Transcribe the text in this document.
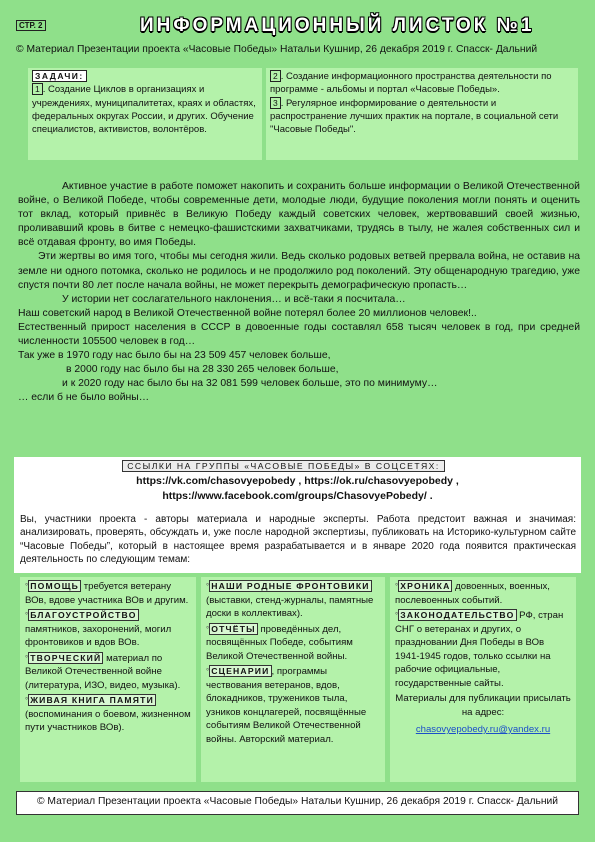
СТР. 2	ИНФОРМАЦИОННЫЙ ЛИСТОК №1
© Материал Презентации проекта «Часовые Победы» Натальи Кушнир, 26 декабря 2019 г. Спасск- Дальний
ЗАДАЧИ:
1 . Создание Циклов в организациях и учреждениях, муниципалитетах, краях и областях, федеральных округах России, и других. Обучение специалистов, активистов, волонтёров.
2 . Создание информационного пространства деятельности по программе - альбомы и портал «Часовые Победы».
3 . Регулярное информирование о деятельности и распространение лучших практик на портале, в социальной сети "Часовые Победы".

Активное участие в работе поможет накопить и сохранить больше информации о Великой Отечественной войне, о Великой Победе, чтобы современные дети, молодые люди, будущие поколения могли понять и оценить тот вклад, который привнёс в Великую Победу каждый советских человек, жертвовавший своей жизнью, проливавший кровь в битве с немецко-фашистскими захватчиками, трудясь в тылу, не жалея собственных сил и всё отдавая фронту, во имя Победы.

Эти жертвы во имя того, чтобы мы сегодня жили. Ведь сколько родовых ветвей прервала война, не оставив на земле ни одного потомка, сколько не родилось и не продолжило род поколений. Эту общенародную трагедию, уже спустя почти 80 лет после начала войны, не может перекрыть демографическую пропасть…

У истории нет сослагательного наклонения… и всё-таки я посчитала…

Наш советский народ в Великой Отечественной войне потерял более 20 миллионов человек!..

Естественный прирост населения в СССР в довоенные годы составлял 658 тысяч человек в год, при средней численности 105500 человек в год…

Так уже в 1970 году нас было бы на 23 509 457 человек больше,

в 2000 году нас было бы на 28 330 265 человек больше,

и к 2020 году нас было бы на 32 081 599 человек больше, это по минимуму…

… если б не было войны…

ССЫЛКИ НА ГРУППЫ «ЧАСОВЫЕ ПОБЕДЫ» В СОЦСЕТЯХ:
https://vk.com/chasovyepobedy , https://ok.ru/chasovyepobedy ,
https://www.facebook.com/groups/ChasovyePobedy/ .
Вы, участники проекта - авторы материала и народные эксперты. Работа предстоит важная и значимая: анализировать, проверять, обсуждать и, уже после народной экспертизы, публиковать на Историко-культурном сайте “Часовые Победы”, который в настоящее время разрабатывается и в январе 2020 года появится практическая деятельность по следующим темам:
° ПОМОЩЬ требуется ветерану ВОв, вдове участника ВОв и другим.
° БЛАГОУСТРОЙСТВО памятников, захоронений, могил фронтовиков и вдов ВОв.
° ТВОРЧЕСКИЙ материал по Великой Отечественной войне (литература, ИЗО, видео, музыка).
° ЖИВАЯ КНИГА ПАМЯТИ (воспоминания о боевом, жизненном пути участников ВОв).
° НАШИ РОДНЫЕ ФРОНТОВИКИ (выставки, стенд-журналы, памятные доски в коллективах).
° ОТЧЁТЫ проведённых дел, посвящённых Победе, событиям Великой Отечественной войны.
° СЦЕНАРИИ , программы чествования ветеранов, вдов, блокадников, тружеников тыла, узников концлагерей, посвящённые событиям Великой Отечественной войны. Авторский материал.
° ХРОНИКА довоенных, военных, послевоенных событий.
° ЗАКОНОДАТЕЛЬСТВО РФ, стран СНГ о ветеранах и других, о праздновании Дня Победы в ВОв 1941-1945 годов, только ссылки на рабочие официальные, государственные сайты.
Материалы для публикации присылать на адрес:
chasovyepobedy.ru@yandex.ru
© Материал Презентации проекта «Часовые Победы» Натальи Кушнир, 26 декабря 2019 г. Спасск- Дальний
